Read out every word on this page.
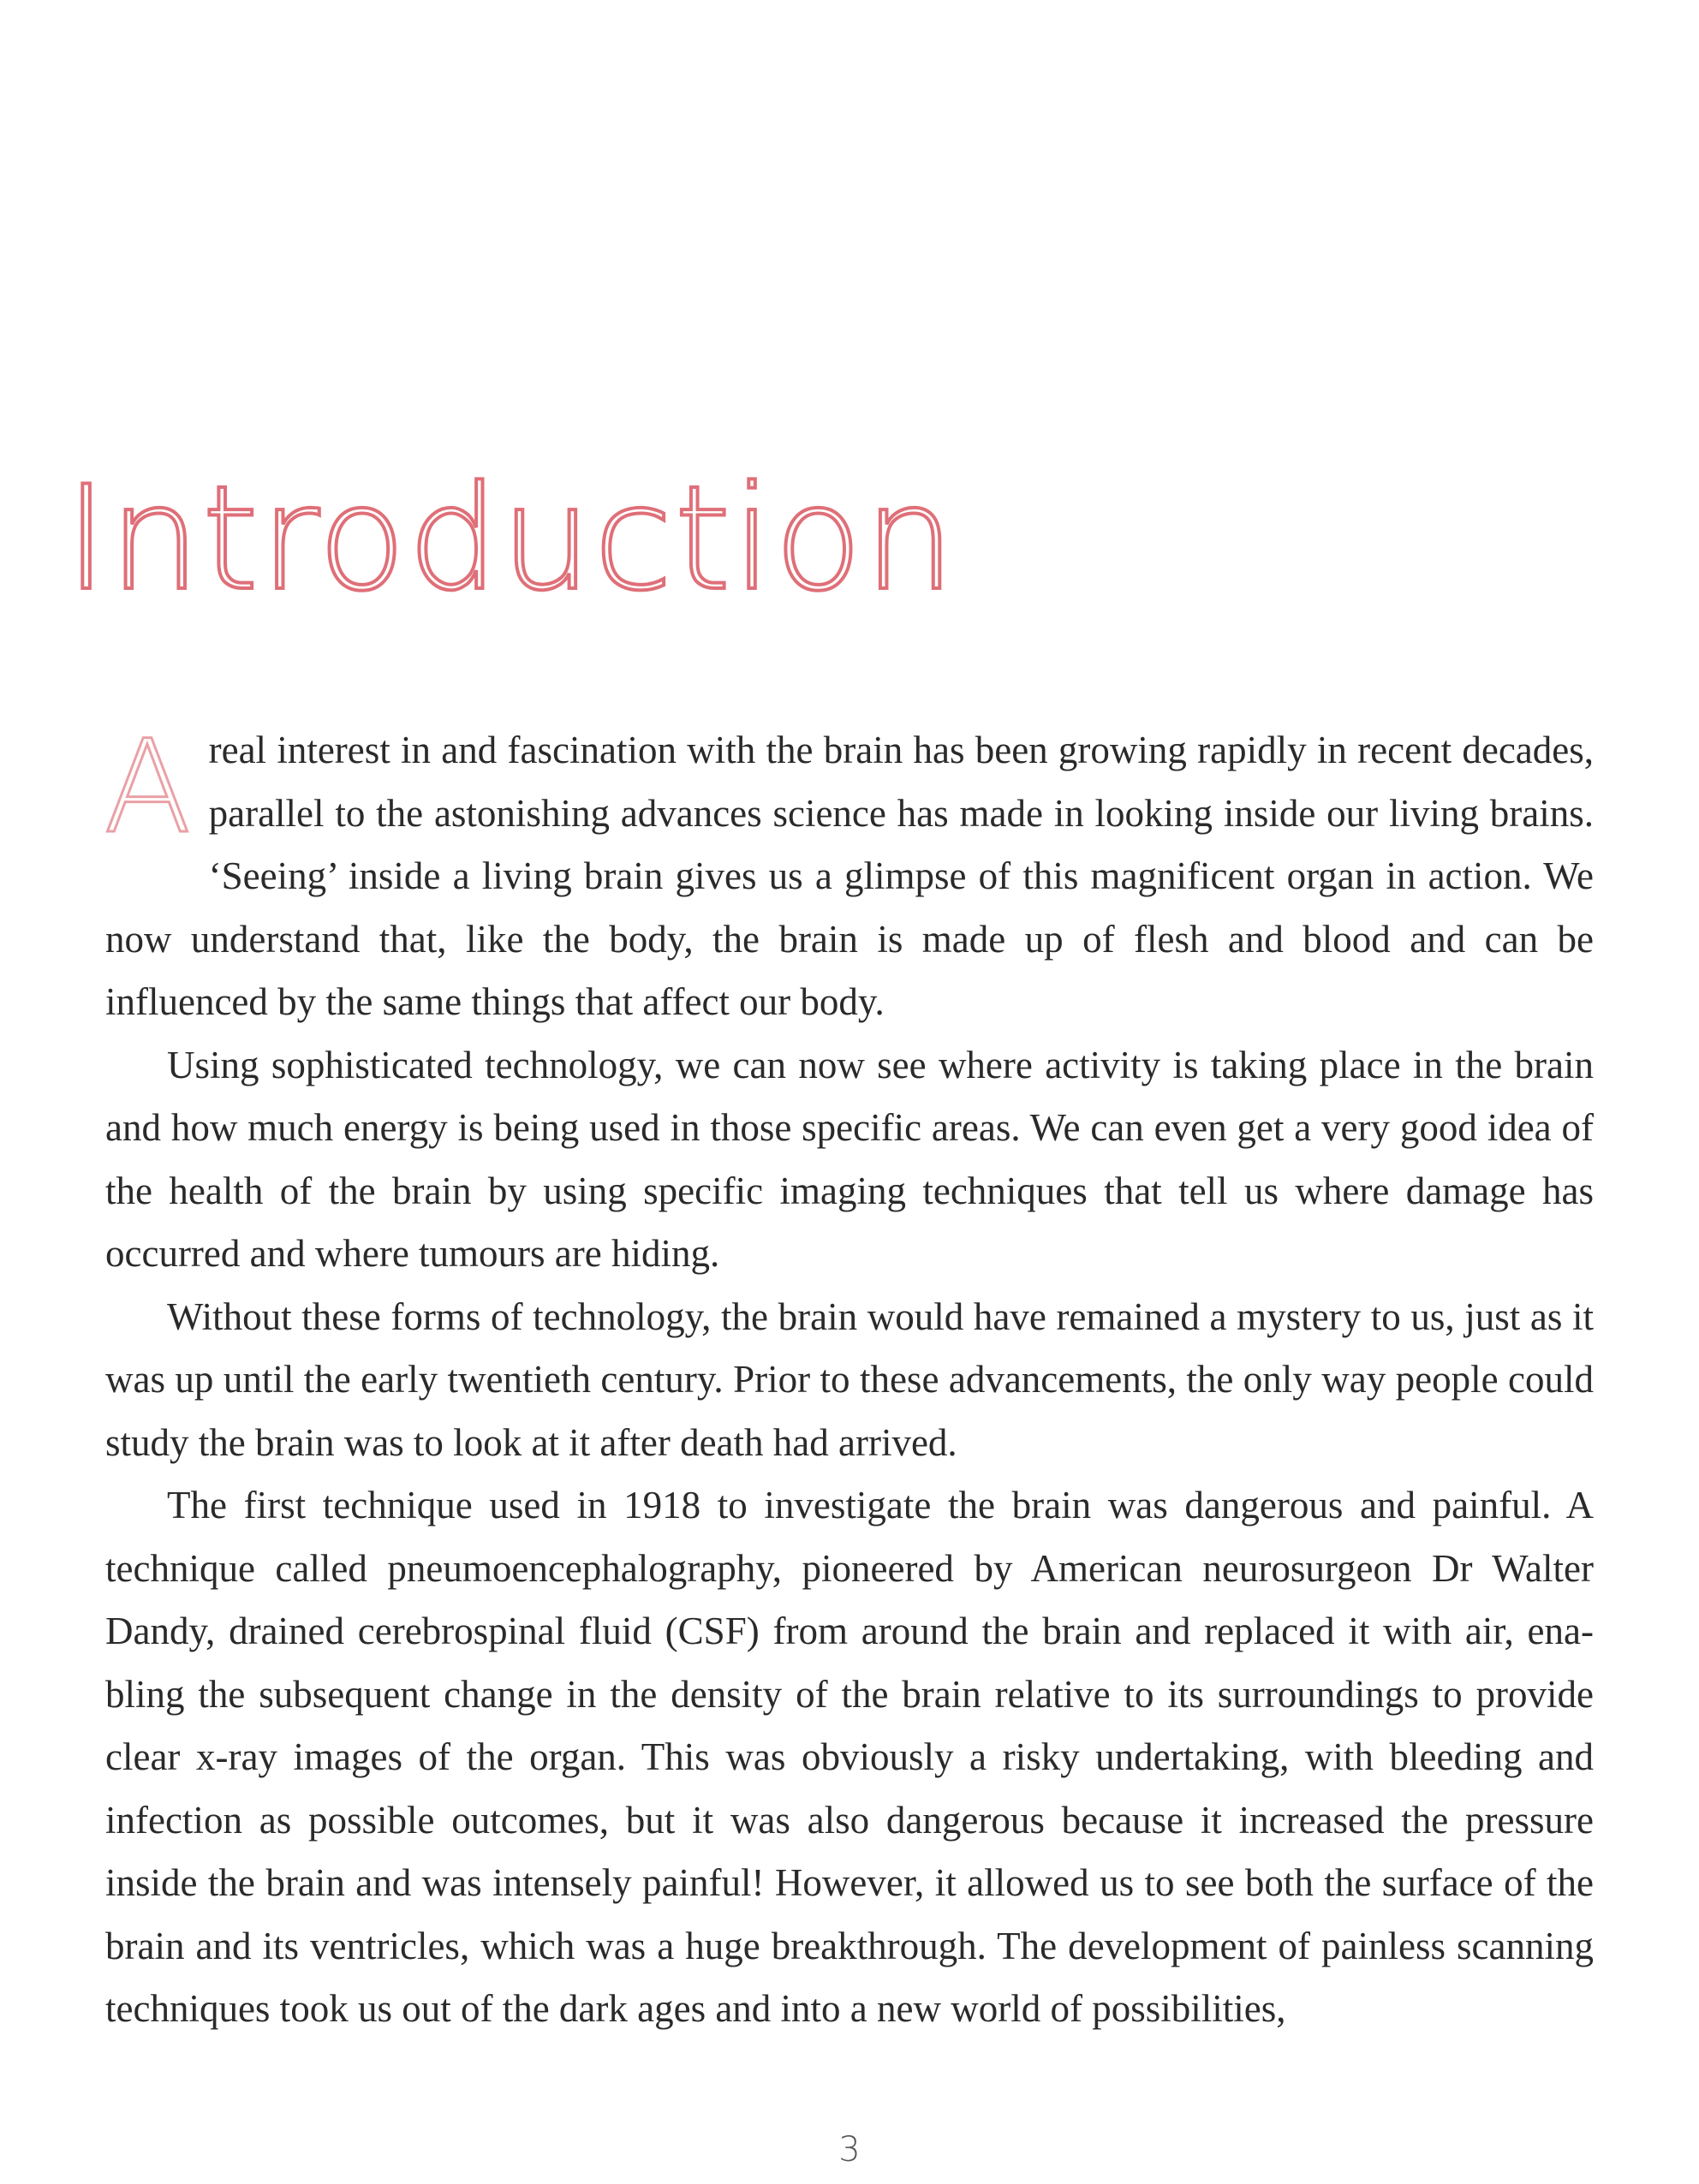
Introduction

Areal interest in and fascination with the brain has been growing rapidly in recent decades, parallel to the astonishing advances science has made in looking inside our living brains. ‘Seeing’ inside a living brain gives us a glimpse of this magnificent organ in action. We now understand that, like the body, the brain is made up of flesh and blood and can be influenced by the same things that affect our body.

Using sophisticated technology, we can now see where activity is taking place in the brain and how much energy is being used in those specific areas. We can even get a very good idea of the health of the brain by using specific imaging techniques that tell us where damage has occurred and where tumours are hiding.

Without these forms of technology, the brain would have remained a mystery to us, just as it was up until the early twentieth century. Prior to these advancements, the only way people could study the brain was to look at it after death had arrived.

The first technique used in 1918 to investigate the brain was dangerous and painful. A technique called pneumoencephalography, pioneered by American neurosurgeon Dr Walter Dandy, drained cerebrospinal fluid (CSF) from around the brain and replaced it with air, enabling the subsequent change in the density of the brain relative to its surroundings to provide clear x-ray images of the organ. This was obviously a risky undertaking, with bleeding and infection as possible outcomes, but it was also dangerous because it increased the pressure inside the brain and was intensely painful! However, it allowed us to see both the surface of the brain and its ventricles, which was a huge breakthrough. The development of painless scanning techniques took us out of the dark ages and into a new world of possibilities,

3
